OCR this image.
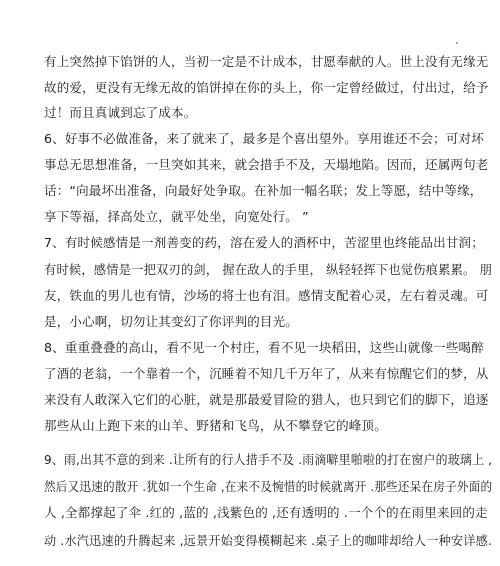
有上突然掉下馅饼的人，当初一定是不计成本，甘愿奉献的人。世上没有无缘无
故的爱，更没有无缘无故的馅饼掉在你的头上，你一定曾经做过，付出过，给予
过！而且真诚到忘了成本。
6、好事不必做准备，来了就来了，最多是个喜出望外。享用谁还不会；可对坏
事总无思想准备，一旦突如其来，就会措手不及，天塌地陷。因而，还属两句老
话：“向最坏出准备，向最好处争取。在补加一幅名联；发上等愿，结中等缘，
享下等福，择高处立，就平处坐，向宽处行。 ”
7、有时候感情是一剂善变的药，溶在爱人的酒杯中，苦涩里也终能品出甘润；
有时候，感情是一把双刃的剑， 握在敌人的手里， 纵轻轻挥下也觉伤痕累累。 朋
友，铁血的男儿也有情，沙场的将士也有泪。感情支配着心灵，左右着灵魂。可
是，小心啊，切勿让其变幻了你评判的目光。
8、重重叠叠的高山，看不见一个村庄，看不见一块稻田，这些山就像一些喝醉
了酒的老翁，一个靠着一个，沉睡着不知几千万年了，从来有惊醒它们的梦，从
来没有人敢深入它们的心脏，就是那最爱冒险的猎人，也只到它们的脚下，追逐
那些从山上跑下来的山羊、野猪和飞鸟，从不攀登它的峰顶。
9、雨,出其不意的到来 .让所有的行人措手不及 .雨滴噼里啪啦的打在窗户的玻璃上 ,
然后又迅速的散开 .犹如一个生命 ,在来不及惋惜的时候就离开 .那些还呆在房子外面的
人 ,全都撑起了伞 .红的 ,蓝的 ,浅紫色的 ,还有透明的 .一个个的在雨里来回的走
动 .水汽迅速的升腾起来 ,远景开始变得模糊起来 .桌子上的咖啡却给人一种安详感.
